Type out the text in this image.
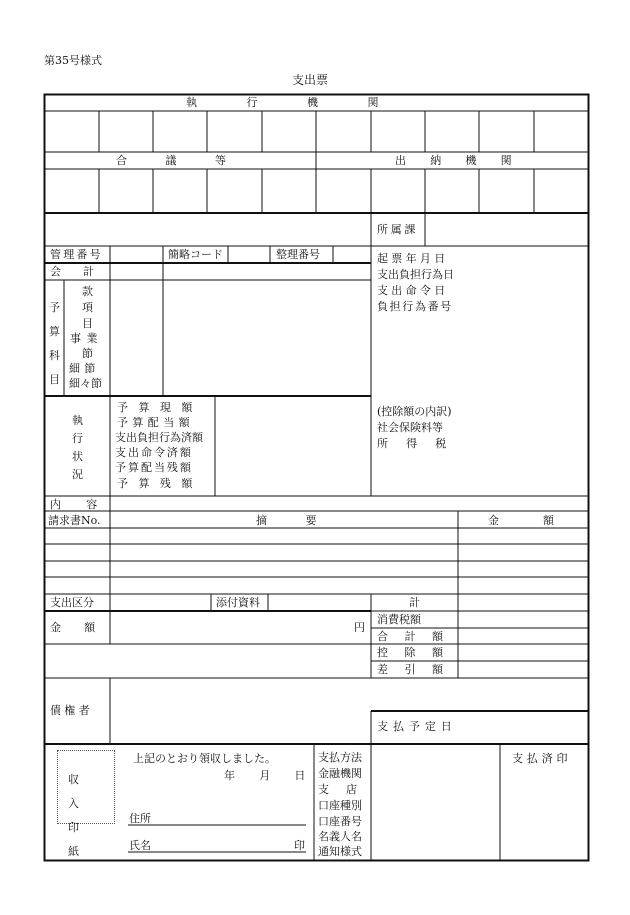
第35号様式
支出票
執行機関
合議等	出納機関
所属課
管理番号	簡略コード	整理番号	起票年月日
支出負担行為日
支出命令日
負担行為番号
会計
予算科目
款
項
目
事業
節
細節
細々節
執行状況
予算現額
予算配当額
支出負担行為済額
支出命令済額
予算配当残額
予算残額
(控除額の内訳)
社会保険料等
所得税
内容
請求書No.	摘要	金額
支出区分	添付資料	計
金額	円
消費税額
合計額
控除額
差引額
債権者
支払予定日
収入印紙
上記のとおり領収しました。
年　月　日
住所
氏名	印
支払方法
金融機関
支店
口座種別
口座番号
名義人名
通知様式
支払済印
